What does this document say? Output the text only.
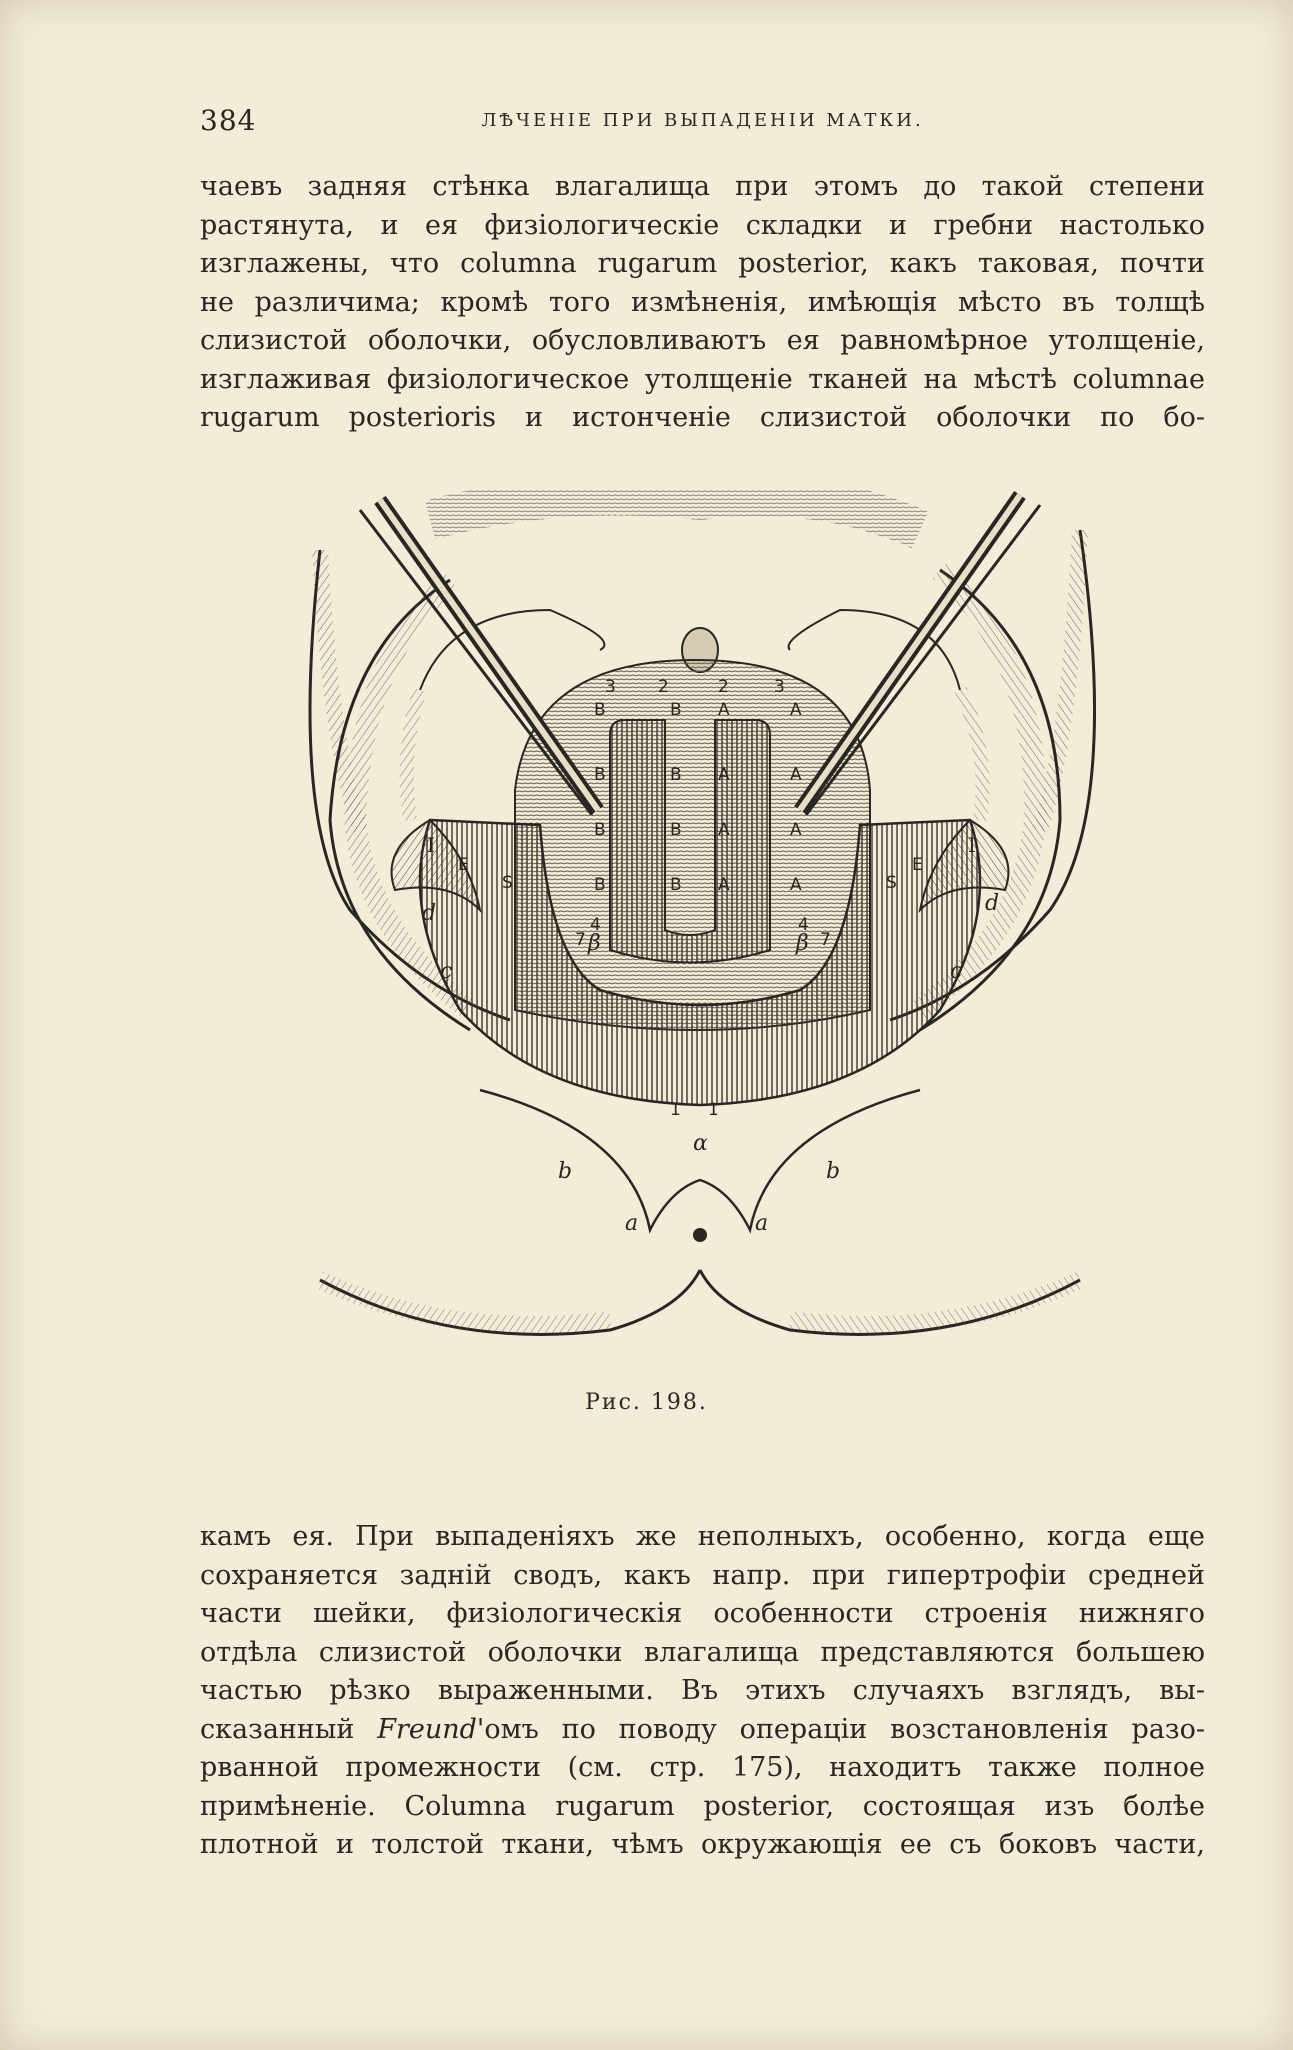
384	ЛѢЧЕНІЕ ПРИ ВЫПАДЕНІИ МАТКИ.
чаевъ задняя стѣнка влагалища при этомъ до такой степени
растянута, и ея физіологическіе складки и гребни настолько
изглажены, что columna rugarum posterior, какъ таковая, почти
не различима; кромѣ того измѣненія, имѣющія мѣсто въ толщѣ
слизистой оболочки, обусловливаютъ ея равномѣрное утолщеніе,
изглаживая физіологическое утолщеніе тканей на мѣстѣ columnae
rugarum posterioris и истонченіе слизистой оболочки по бо-
E	E
I	I
S	S
d	d
c	c
b	b
a	a
α
4	4
7	7
β	β
3 2	2	3
1 1
B	B A	A
B	B A	A
B	B A	A
B	B A	A
Рис. 198.
камъ ея. При выпаденіяхъ же неполныхъ, особенно, когда еще
сохраняется задній сводъ, какъ напр. при гипертрофіи средней
части шейки, физіологическія особенности строенія нижняго
отдѣла слизистой оболочки влагалища представляются большею
частью рѣзко выраженными. Въ этихъ случаяхъ взглядъ, вы-
сказанный Freund'омъ по поводу операціи возстановленія разо-
рванной промежности (см. стр. 175), находитъ также полное
примѣненіе. Columna rugarum posterior, состоящая изъ болѣе
плотной и толстой ткани, чѣмъ окружающія ее съ боковъ части,
